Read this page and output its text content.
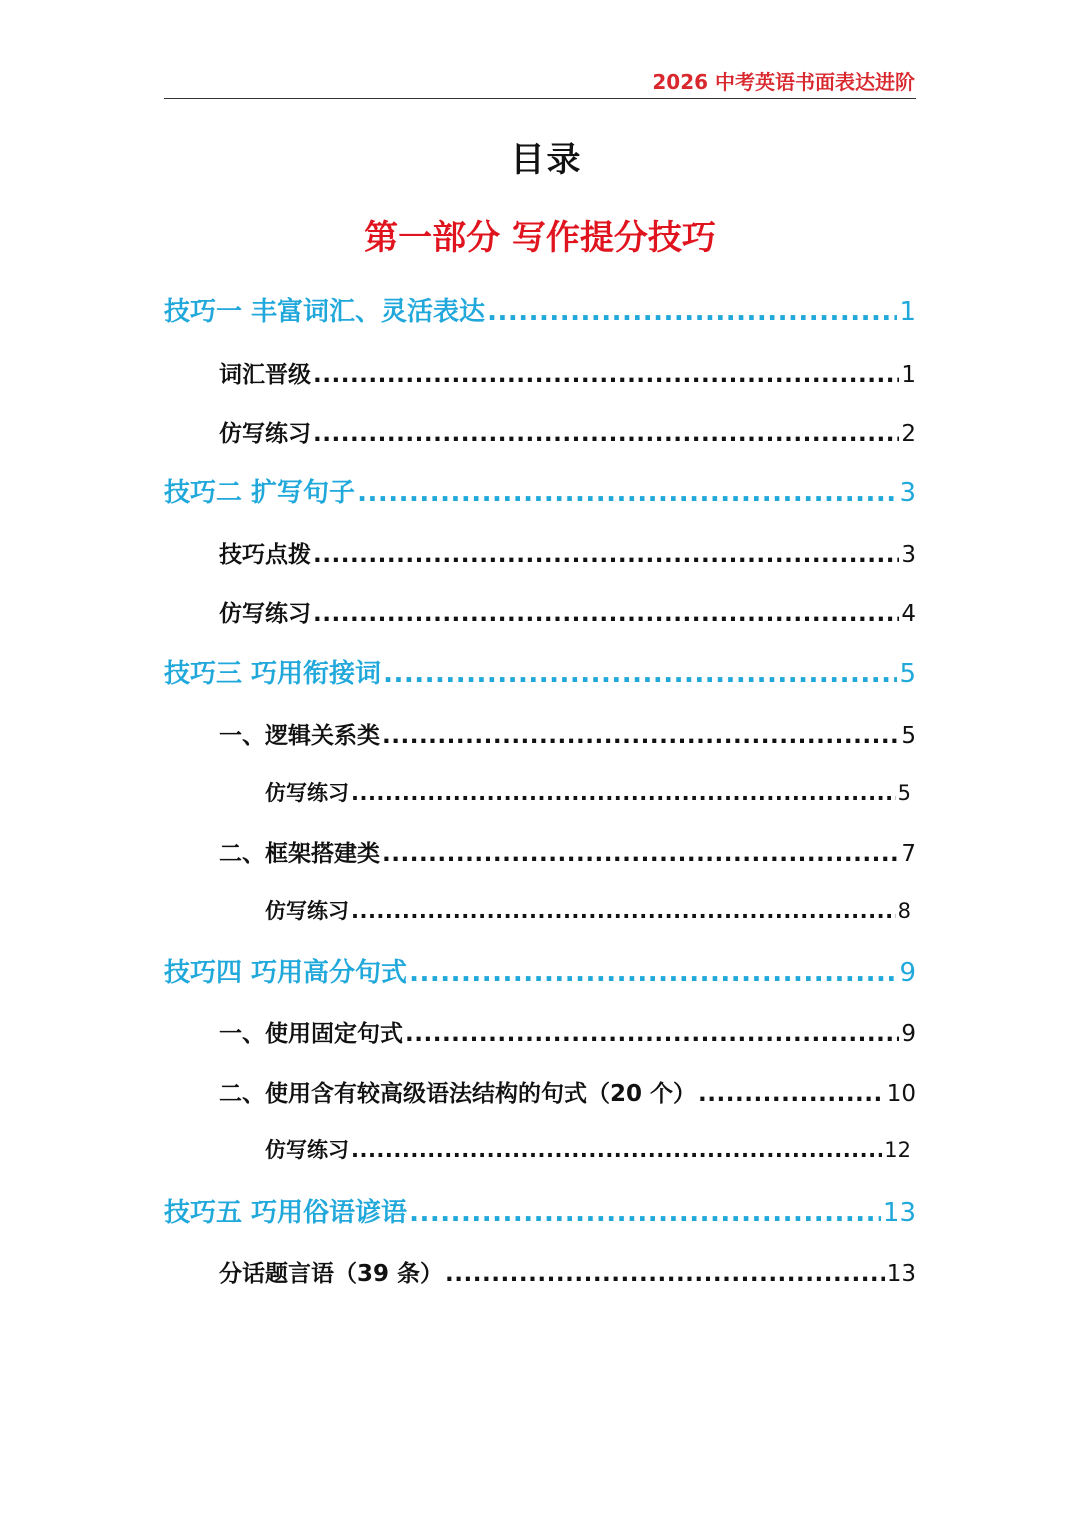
2026 中考英语书面表达进阶
目录
第一部分 写作提分技巧
技巧一 丰富词汇、灵活表达 .....	1
词汇晋级 .....	1
仿写练习 .....	2
技巧二 扩写句子 .....	3
技巧点拨 .....	3
仿写练习 .....	4
技巧三 巧用衔接词 .....	5
一、逻辑关系类 .....	5
仿写练习 .....	5
二、框架搭建类 .....	7
仿写练习 .....	8
技巧四 巧用高分句式 .....	9
一、使用固定句式 .....	9
二、使用含有较高级语法结构的句式（20 个） .....	10
仿写练习 .....	12
技巧五 巧用俗语谚语 .....	13
分话题言语（39 条） .....	13
